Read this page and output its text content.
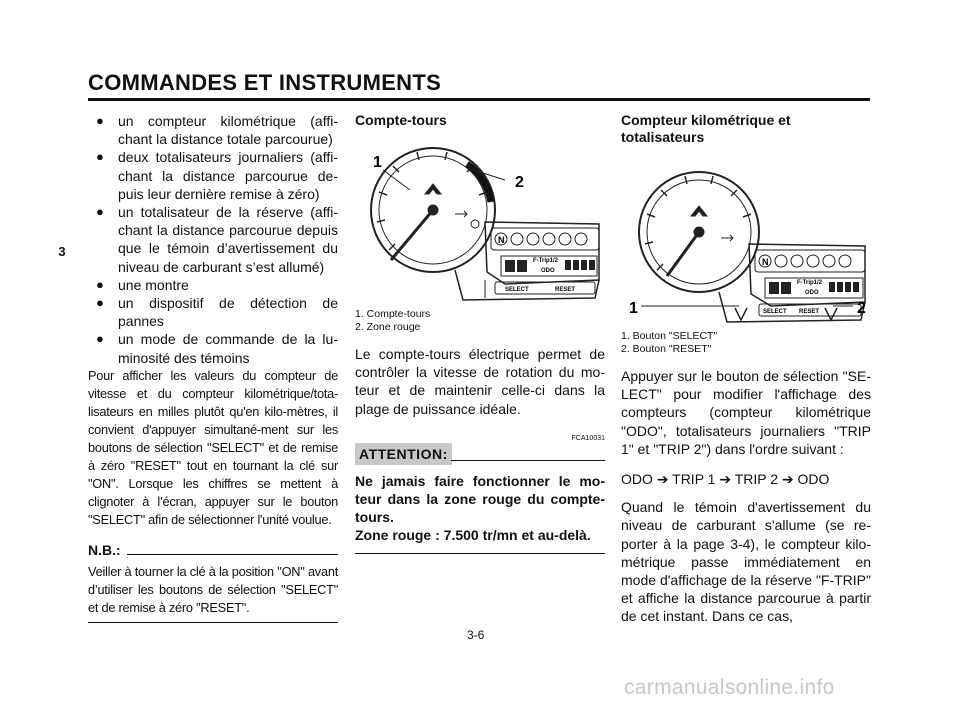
COMMANDES ET INSTRUMENTS
3

● un compteur kilométrique (affi-chant la distance totale parcourue)

● deux totalisateurs journaliers (affi-chant la distance parcourue de-puis leur dernière remise à zéro)

● un totalisateur de la réserve (affi-chant la distance parcourue depuis que le témoin d’avertissement du niveau de carburant s’est allumé)

● une montre

● un dispositif de détection de pannes

● un mode de commande de la lu-minosité des témoins

Pour afficher les valeurs du compteur de vitesse et du compteur kilométrique/tota-lisateurs en milles plutôt qu'en kilo-mètres, il convient d'appuyer simultané-ment sur les boutons de sélection "SELECT" et de remise à zéro "RESET" tout en tournant la clé sur "ON". Lorsque les chiffres se mettent à clignoter à l’écran, appuyer sur le bouton "SELECT" afin de sélectionner l'unité voulue.

N.B.:

Veiller à tourner la clé à la position "ON" avant d’utiliser les boutons de sélection "SELECT" et de remise à zéro "RESET".

Compte-tours

1
2
N
F-Trip1/2
ODO
SELECT	RESET

1. Compte-tours

2. Zone rouge

Le compte-tours électrique permet de contrôler la vitesse de rotation du mo-teur et de maintenir celle-ci dans la plage de puissance idéale.

FCA10031
ATTENTION:

Ne jamais faire fonctionner le mo-teur dans la zone rouge du compte-tours.

Zone rouge : 7.500 tr/mn et au-delà.

Compteur kilométrique et totalisateurs

1	2
N
F-Trip1/2
ODO
SELECT RESET

1. Bouton "SELECT"

2. Bouton "RESET"

Appuyer sur le bouton de sélection "SE-LECT" pour modifier l'affichage des compteurs (compteur kilométrique "ODO", totalisateurs journaliers "TRIP 1" et "TRIP 2") dans l'ordre suivant :

ODO ➔ TRIP 1 ➔ TRIP 2 ➔ ODO

Quand le témoin d'avertissement du niveau de carburant s'allume (se re-porter à la page 3-4), le compteur kilo-métrique passe immédiatement en mode d'affichage de la réserve "F-TRIP" et affiche la distance parcourue à partir de cet instant. Dans ce cas,

3-6
carmanualsonline.info
